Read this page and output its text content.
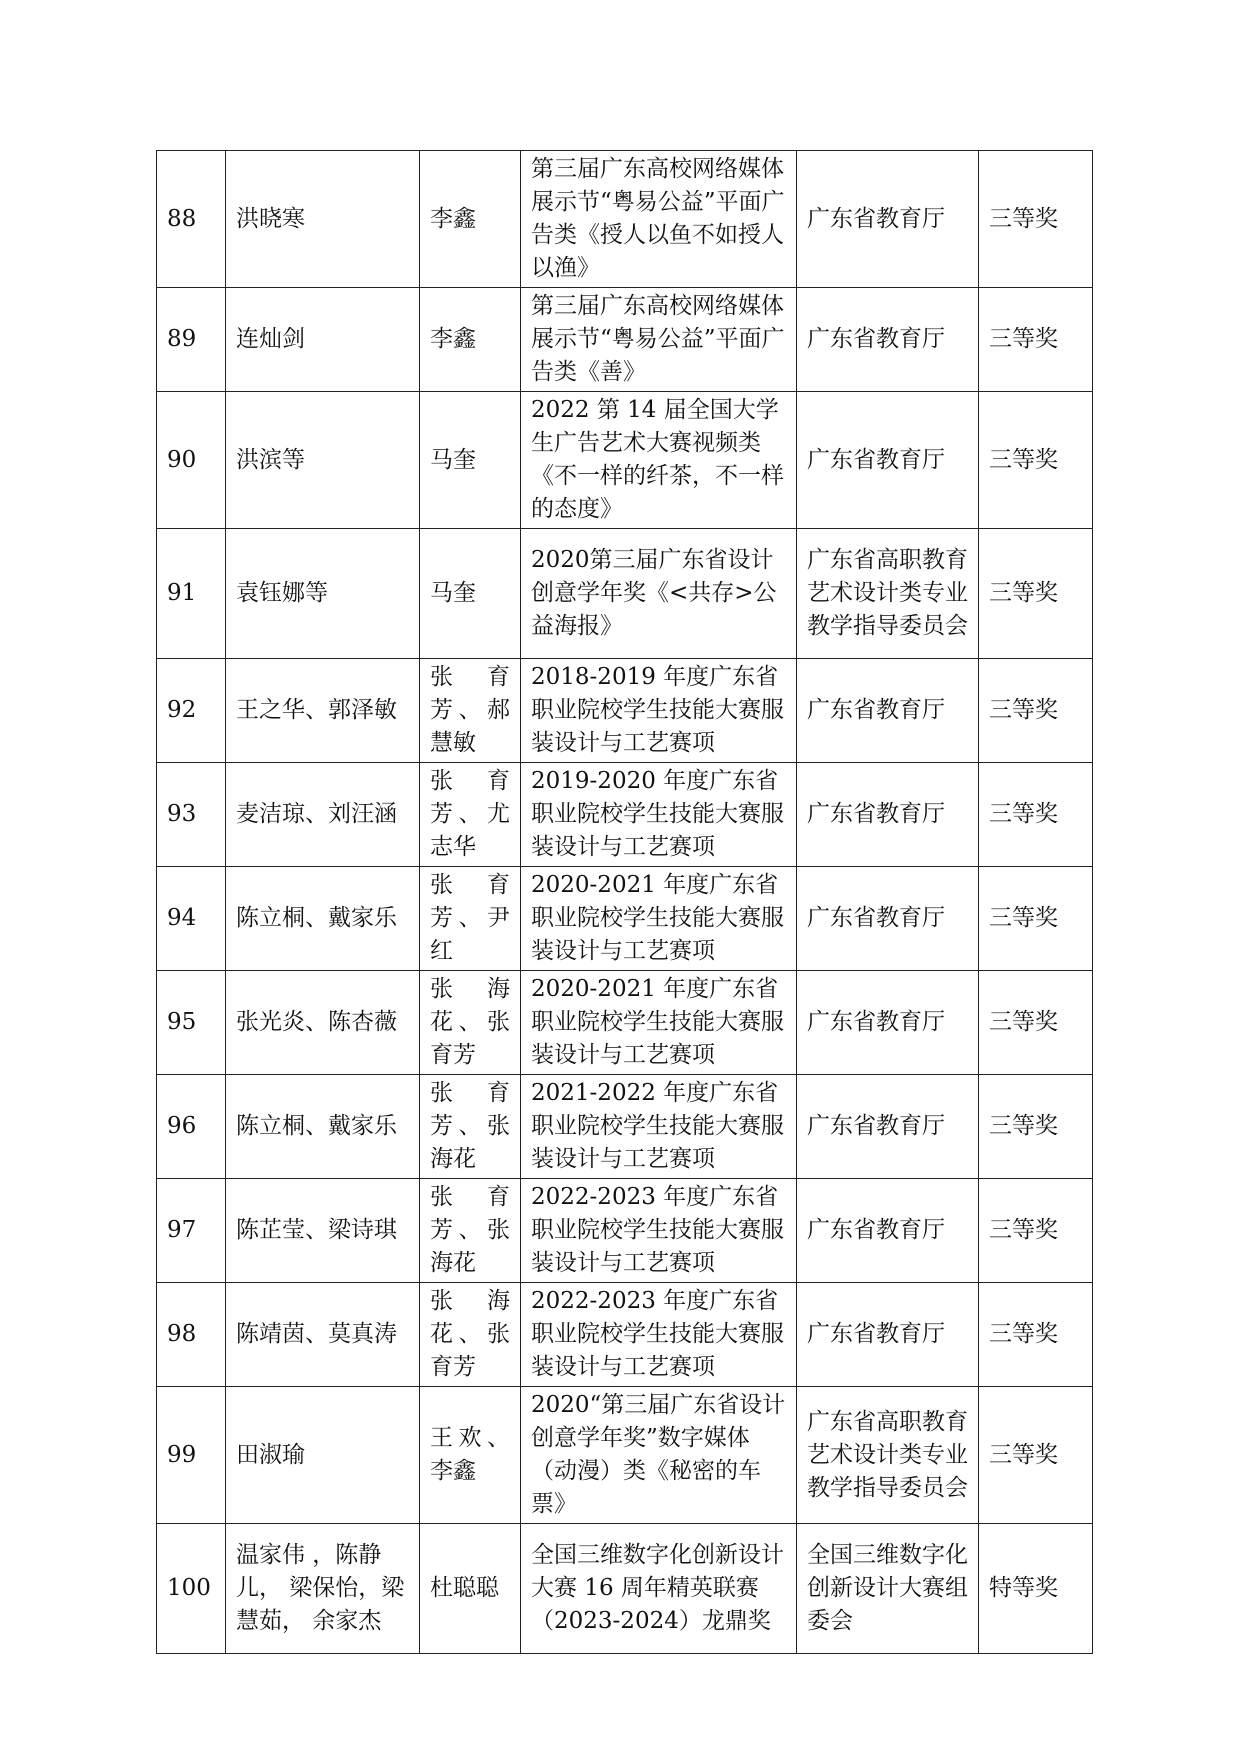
88	洪晓寒	李鑫	第三届广东高校网络媒体展示节“粤易公益”平面广告类《授人以鱼不如授人以渔》	广东省教育厅	三等奖
89	连灿剑	李鑫	第三届广东高校网络媒体展示节“粤易公益”平面广告类《善》	广东省教育厅	三等奖
90	洪滨等	马奎	2022 第 14 届全国大学生广告艺术大赛视频类《不一样的纤茶，不一样的态度》	广东省教育厅	三等奖
91	袁钰娜等	马奎	2020第三届广东省设计创意学年奖《<共存>公益海报》	广东省高职教育艺术设计类专业教学指导委员会	三等奖
92	王之华、郭泽敏	张 育 芳、郝慧敏	2018-2019 年度广东省职业院校学生技能大赛服装设计与工艺赛项	广东省教育厅	三等奖
93	麦洁琼、刘汪涵	张 育 芳、尤志华	2019-2020 年度广东省职业院校学生技能大赛服装设计与工艺赛项	广东省教育厅	三等奖
94	陈立桐、戴家乐	张 育 芳、尹红	2020-2021 年度广东省职业院校学生技能大赛服装设计与工艺赛项	广东省教育厅	三等奖
95	张光炎、陈杏薇	张 海 花、张育芳	2020-2021 年度广东省职业院校学生技能大赛服装设计与工艺赛项	广东省教育厅	三等奖
96	陈立桐、戴家乐	张 育 芳、张海花	2021-2022 年度广东省职业院校学生技能大赛服装设计与工艺赛项	广东省教育厅	三等奖
97	陈芷莹、梁诗琪	张 育 芳、张海花	2022-2023 年度广东省职业院校学生技能大赛服装设计与工艺赛项	广东省教育厅	三等奖
98	陈靖茵、莫真涛	张 海 花、张育芳	2022-2023 年度广东省职业院校学生技能大赛服装设计与工艺赛项	广东省教育厅	三等奖
99	田淑瑜	王欢、李鑫	2020“第三届广东省设计创意学年奖”数字媒体（动漫）类《秘密的车票》	广东省高职教育艺术设计类专业教学指导委员会	三等奖
100	温家伟 ，陈静儿， 梁保怡，梁慧茹， 余家杰	杜聪聪	全国三维数字化创新设计大赛 16 周年精英联赛（2023-2024）龙鼎奖	全国三维数字化创新设计大赛组委会	特等奖
